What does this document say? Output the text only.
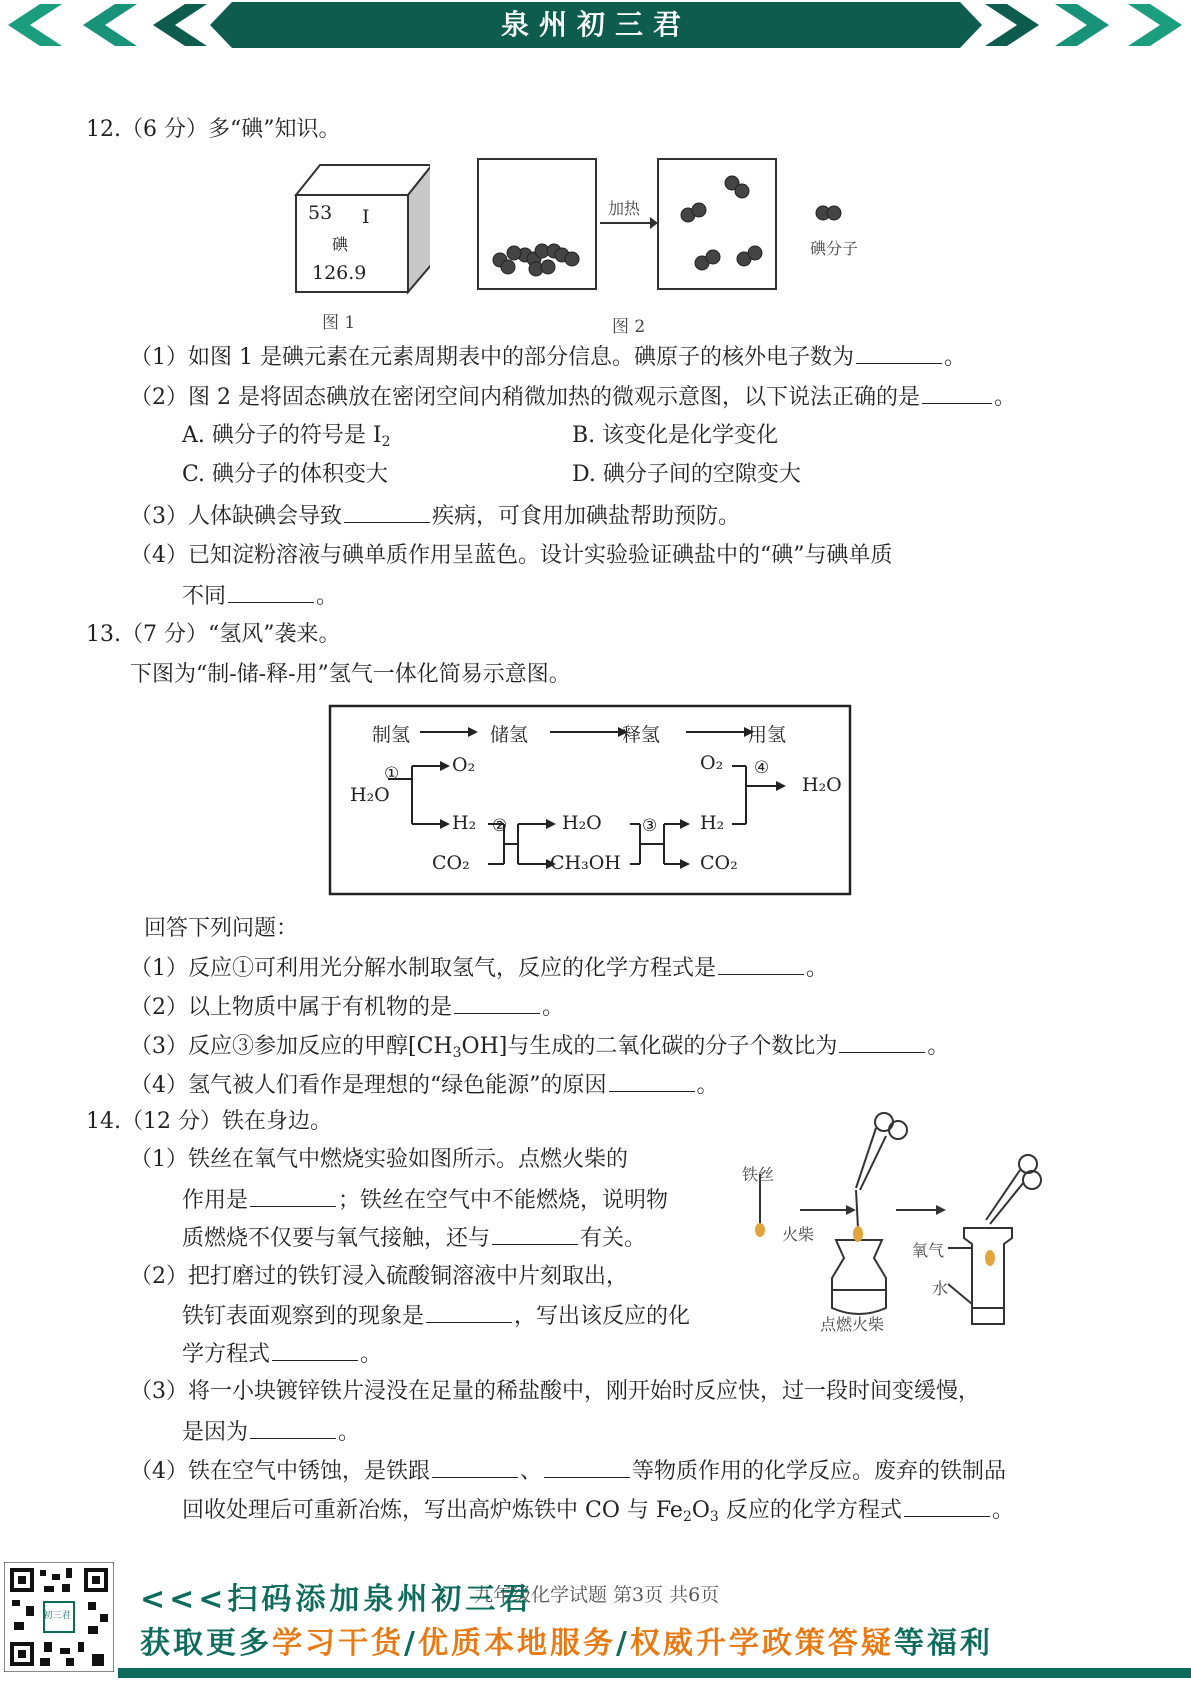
泉州初三君
12.（6 分）多“碘”知识。
53 I
碘
126.9
图 1
加热
碘分子
图 2
（1）如图 1 是碘元素在元素周期表中的部分信息。碘原子的核外电子数为	。
（2）图 2 是将固态碘放在密闭空间内稍微加热的微观示意图，以下说法正确的是	。
A. 碘分子的符号是 $I_2$	B. 该变化是化学变化
C. 碘分子的体积变大	D. 碘分子间的空隙变大
（3）人体缺碘会导致	疾病，可食用加碘盐帮助预防。
（4）已知淀粉溶液与碘单质作用呈蓝色。设计实验验证碘盐中的“碘”与碘单质
不同	。
13.（7 分）“氢风”袭来。
下图为“制-储-释-用”氢气一体化简易示意图。
制氢	储氢	释氢	用氢
H₂O
①	O₂
H₂
CO₂
②	H₂O
CH₃OH
③ H₂
CO₂
O₂ ④
H₂O
回答下列问题：
（1）反应①可利用光分解水制取氢气，反应的化学方程式是	。
（2）以上物质中属于有机物的是	。
（3）反应③参加反应的甲醇$[CH_3OH]$与生成的二氧化碳的分子个数比为	。
（4）氢气被人们看作是理想的“绿色能源”的原因	。
14.（12 分）铁在身边。
（1）铁丝在氧气中燃烧实验如图所示。点燃火柴的
作用是	；铁丝在空气中不能燃烧，说明物
质燃烧不仅要与氧气接触，还与	有关。
（2）把打磨过的铁钉浸入硫酸铜溶液中片刻取出，
铁钉表面观察到的现象是	，写出该反应的化
学方程式	。
（3）将一小块镀锌铁片浸没在足量的稀盐酸中，刚开始时反应快，过一段时间变缓慢，
是因为	。
（4）铁在空气中锈蚀，是铁跟	、	等物质作用的化学反应。废弃的铁制品
回收处理后可重新冶炼，写出高炉炼铁中 CO 与 $Fe_2O_3$ 反应的化学方程式	。
铁丝
火柴
氧气
水
点燃火柴
九年级化学试题 第3页 共6页
初三君 <<<扫码添加泉州初三君
获取更多学习干货/优质本地服务/权威升学政策答疑等福利
